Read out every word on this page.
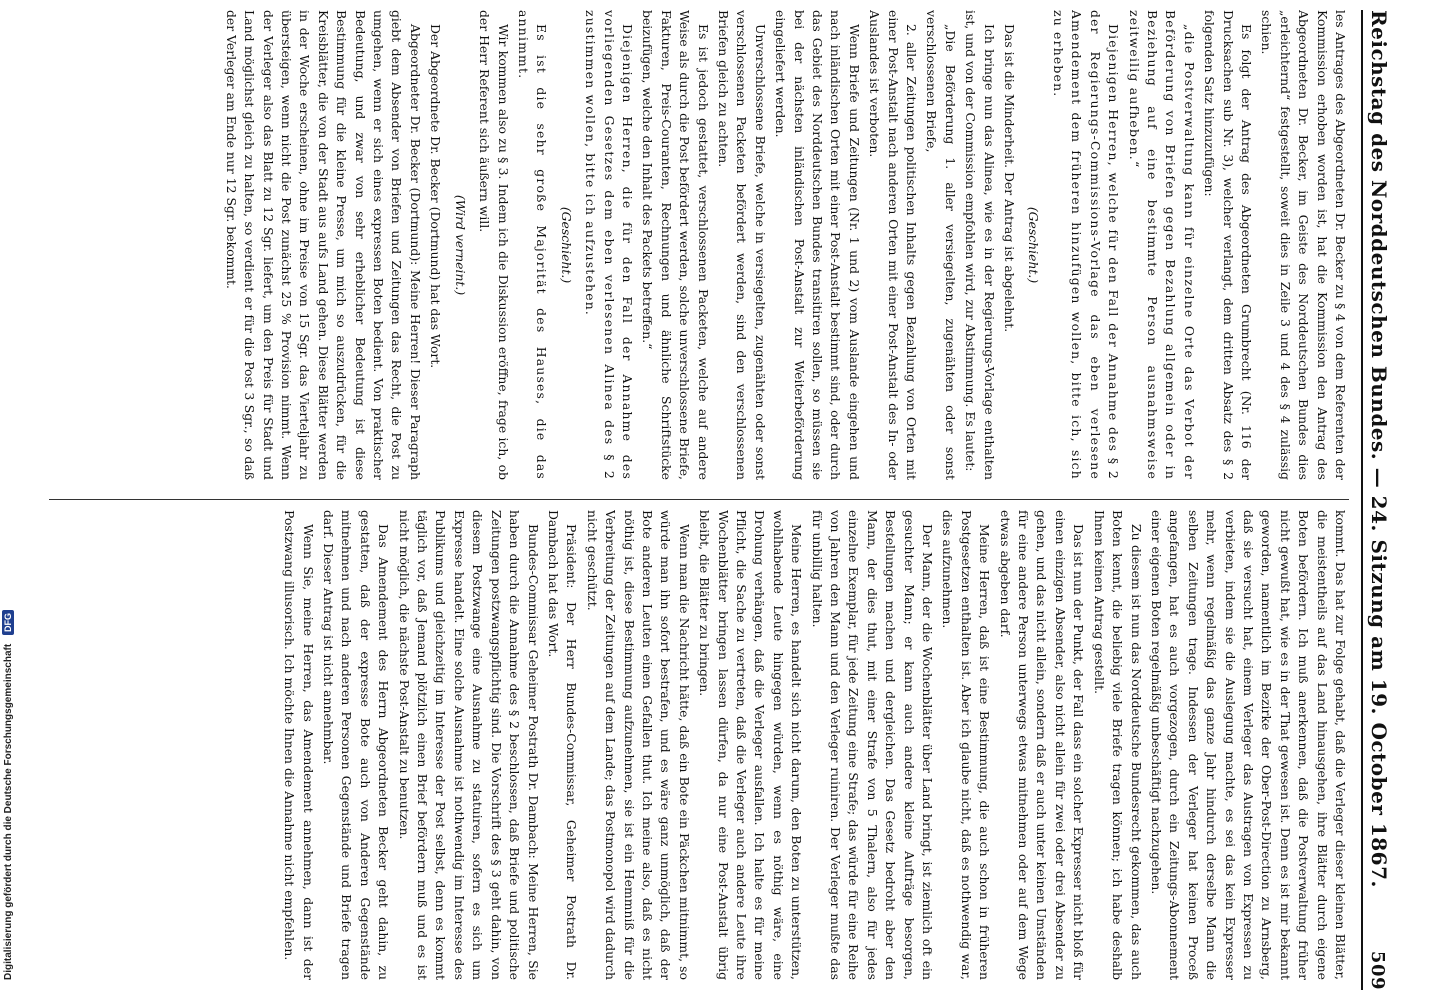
Reichstag des Norddeutschen Bundes. — 24. Sitzung am 19. October 1867.
509

les Antrages des Abgeordneten Dr. Becker zu § 4 von dem Referenten der Kommission erhoben worden ist, hat die Kommission den Antrag des Abgeordneten Dr. Becker, im Geiste des Norddeutschen Bundes dies „erleichternd“ festgestellt, soweit dies in Zeile 3 und 4 des § 4 zulässig schien.

Es folgt der Antrag des Abgeordneten Grumbrecht (Nr. 116 der Drucksachen sub Nr. 3), welcher verlangt, dem dritten Absatz des § 2 folgenden Satz hinzuzufügen:

„die Postverwaltung kann für einzelne Orte das Verbot der Beförderung von Briefen gegen Bezahlung allgemein oder in Beziehung auf eine bestimmte Person ausnahmsweise zeitweilig aufheben.“

Diejenigen Herren, welche für den Fall der Annahme des § 2 der Regierungs-Commissions-Vorlage das eben verlesene Amendement dem früheren hinzufügen wollen, bitte ich, sich zu erheben.

(Geschieht.)

Das ist die Minderheit. Der Antrag ist abgelehnt.

Ich bringe nun das Alinea, wie es in der Regierungs-Vorlage enthalten ist, und von der Commission empfohlen wird, zur Abstimmung. Es lautet:

„Die Beförderung 1. aller versiegelten, zugenähten oder sonst verschlossenen Briefe,

2. aller Zeitungen politischen Inhalts gegen Bezahlung von Orten mit einer Post-Anstalt nach anderen Orten mit einer Post-Anstalt des In- oder Auslandes ist verboten.

Wenn Briefe und Zeitungen (Nr. 1 und 2) vom Auslande eingehen und nach inländischen Orten mit einer Post-Anstalt bestimmt sind, oder durch das Gebiet des Norddeutschen Bundes transitiren sollen, so müssen sie bei der nächsten inländischen Post-Anstalt zur Weiterbeförderung eingeliefert werden.

Unverschlossene Briefe, welche in versiegelten, zugenähten oder sonst verschlossenen Packeten befördert werden, sind den verschlossenen Briefen gleich zu achten.

Es ist jedoch gestattet, verschlossenen Packeten, welche auf andere Weise als durch die Post befördert werden, solche unverschlossene Briefe, Fakturen, Preis-Couranten, Rechnungen und ähnliche Schriftstücke beizufügen, welche den Inhalt des Packets betreffen.“

Diejenigen Herren, die für den Fall der Annahme des vorliegenden Gesetzes dem eben verlesenen Alinea des § 2 zustimmen wollen, bitte ich aufzustehen.

(Geschieht.)

Es ist die sehr große Majorität des Hauses, die das annimmt.

Wir kommen also zu § 3. Indem ich die Diskussion eröffne, frage ich, ob der Herr Referent sich äußern will.

(Wird verneint.)

Der Abgeordnete Dr. Becker (Dortmund) hat das Wort.

Abgeordneter Dr. Becker (Dortmund): Meine Herren! Dieser Paragraph giebt dem Absender von Briefen und Zeitungen das Recht, die Post zu umgehen, wenn er sich eines expressen Boten bedient. Von praktischer Bedeutung, und zwar von sehr erheblicher Bedeutung ist diese Bestimmung für die kleine Presse, um mich so auszudrücken, für die Kreisblätter, die von der Stadt aus aufs Land gehen. Diese Blätter werden in der Woche erscheinen, ohne im Preise von 15 Sgr. das Vierteljahr zu übersteigen, wenn nicht die Post zunächst 25 % Provision nimmt. Wenn der Verleger also das Blatt zu 12 Sgr. liefert, um den Preis für Stadt und Land möglichst gleich zu halten, so verdient er für die Post 3 Sgr., so daß der Verleger am Ende nur 12 Sgr. bekommt.

kommt. Das hat zur Folge gehabt, daß die Verleger dieser kleinen Blätter, die meistentheils auf das Land hinausgehen, ihre Blätter durch eigene Boten befördern. Ich muß anerkennen, daß die Postverwaltung früher nicht gewußt hat, wie es in der That gewesen ist. Denn es ist mir bekannt geworden, namentlich im Bezirke der Ober-Post-Direction zu Arnsberg, daß sie versucht hat, einem Verleger das Austragen von Expressen zu verbieten, indem sie die Auslegung machte, es sei das kein Expresser mehr, wenn regelmäßig das ganze Jahr hindurch derselbe Mann die selben Zeitungen trage. Indessen der Verleger hat keinen Proceß angefangen, hat es auch vorgezogen, durch ein Zeitungs-Abonnement einer eigenen Boten regelmäßig unbeschäftigt nachzugehen.

Zu diesem ist nun das Norddeutsche Bundesrecht gekommen, das auch Boten kennt, die beliebig viele Briefe tragen können; ich habe deshalb Ihnen keinen Antrag gestellt.

Das ist nun der Punkt, der Fall dass ein solcher Expresser nicht bloß für einen einzigen Absender, also nicht allein für zwei oder drei Absender zu gehen, und das nicht allein, sondern daß er auch unter keinen Umständen für eine andere Person unterwegs etwas mitnehmen oder auf dem Wege etwas abgeben darf.

Meine Herren, daß ist eine Bestimmung, die auch schon in früheren Postgesetzen enthalten ist. Aber ich glaube nicht, daß es nothwendig war, dies aufzunehmen.

Der Mann, der die Wochenblätter über Land bringt, ist ziemlich oft ein gesuchter Mann; er kann auch andere kleine Aufträge besorgen, Bestellungen machen und dergleichen. Das Gesetz bedroht aber den Mann, der dies thut, mit einer Strafe von 5 Thalern, also für jedes einzelne Exemplar, für jede Zeitung eine Strafe; das würde für eine Reihe von Jahren den Mann und den Verleger ruiniren. Der Verleger mußte das für unbillig halten.

Meine Herren, es handelt sich nicht darum, den Boten zu unterstützen, wohlhabende Leute hingegen würden, wenn es nöthig wäre, eine Drohung verhängen, daß die Verleger ausfallen. Ich halte es für meine Pflicht, die Sache zu vertreten, daß die Verleger auch andere Leute ihre Wochenblätter bringen lassen dürfen, da nur eine Post-Anstalt übrig bleibt, die Blätter zu bringen.

Wenn man die Nachricht hätte, daß ein Bote ein Päckchen mitnimmt, so würde man ihn sofort bestrafen, und es wäre ganz unmöglich, daß der Bote anderen Leuten einen Gefallen thut. Ich meine also, daß es nicht nöthig ist, diese Bestimmung aufzunehmen, sie ist ein Hemmniß für die Verbreitung der Zeitungen auf dem Lande; das Postmonopol wird dadurch nicht geschützt.

Präsident: Der Herr Bundes-Commissar, Geheimer Postrath Dr. Dambach hat das Wort.

Bundes-Commissar Geheimer Postrath Dr. Dambach: Meine Herren, Sie haben durch die Annahme des § 2 beschlossen, daß Briefe und politische Zeitungen postzwangspflichtig sind. Die Vorschrift des § 3 geht dahin, von diesem Postzwange eine Ausnahme zu statuiren, sofern es sich um Expresse handelt. Eine solche Ausnahme ist nothwendig im Interesse des Publikums und gleichzeitig im Interesse der Post selbst, denn es kommt täglich vor, daß Jemand plötzlich einen Brief befördern muß und es ist nicht möglich, die nächste Post-Anstalt zu benutzen.

Das Amendement des Herrn Abgeordneten Becker geht dahin, zu gestatten, daß der expresse Bote auch von Anderen Gegenstände mitnehmen und nach anderen Personen Gegenstände und Briefe tragen darf. Dieser Antrag ist nicht annehmbar.

Wenn Sie, meine Herren, das Amendement annehmen, dann ist der Postzwang illusorisch. Ich möchte Ihnen die Annahme nicht empfehlen.

Digitalisierung gefördert durch die Deutsche Forschungsgemeinschaft DFG
